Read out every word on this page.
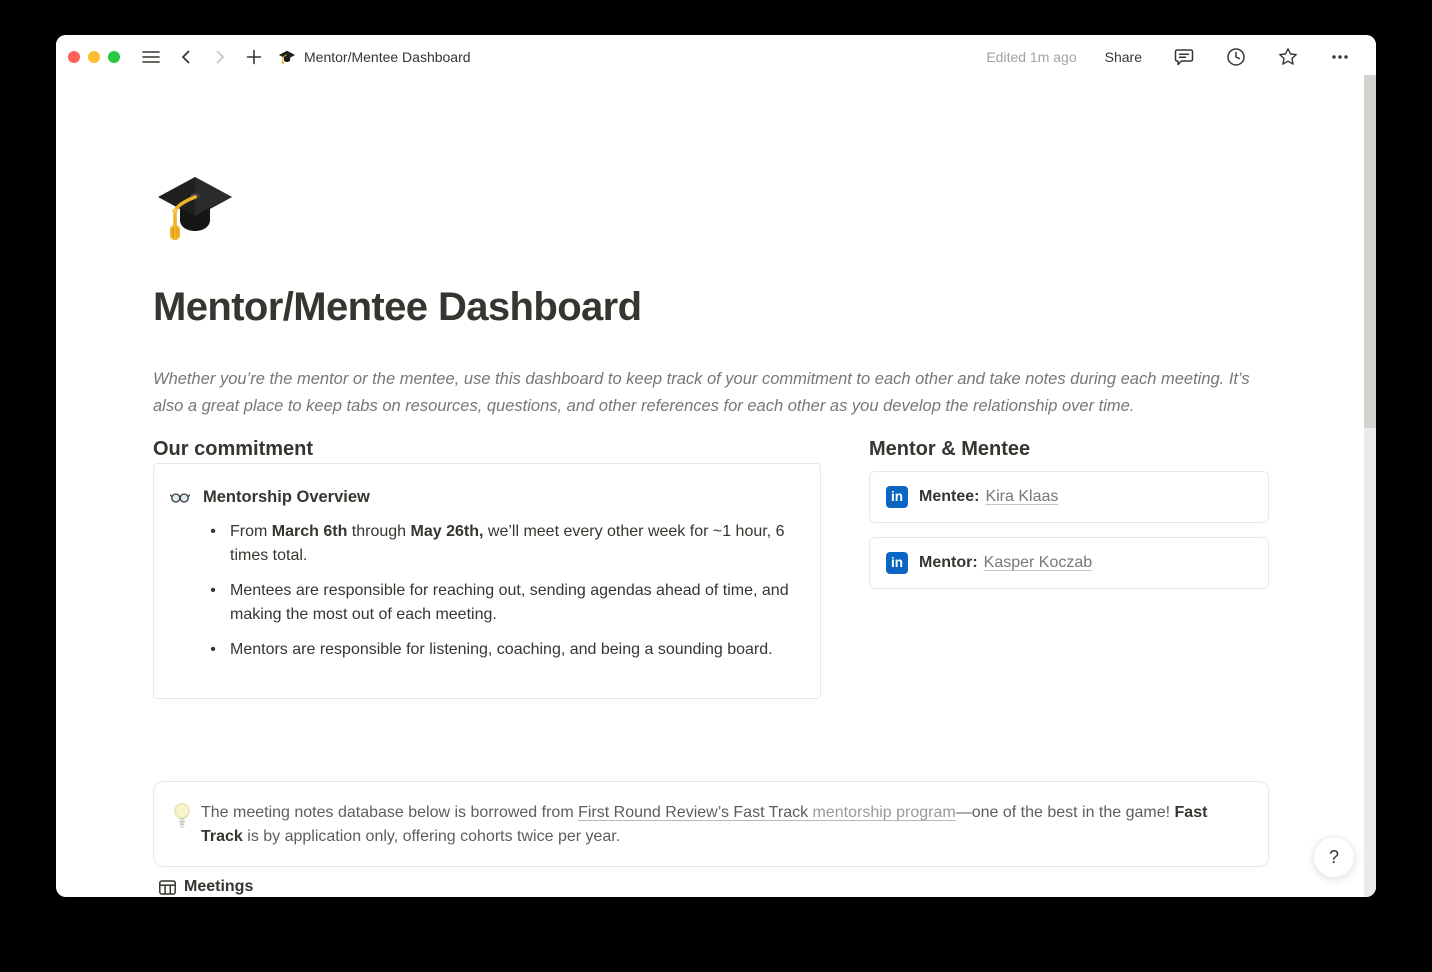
Mentor/Mentee Dashboard	Edited 1m ago Share
Mentor/Mentee Dashboard

Whether you’re the mentor or the mentee, use this dashboard to keep track of your commitment to each other and take notes during each meeting. It’s also a great place to keep tabs on resources, questions, and other references for each other as you develop the relationship over time.

Our commitment
Mentorship Overview
• From March 6th through May 26th, we’ll meet every other week for ~1 hour, 6 times total.
• Mentees are responsible for reaching out, sending agendas ahead of time, and making the most out of each meeting.
• Mentors are responsible for listening, coaching, and being a sounding board.
Mentor & Mentee
in	Mentee: Kira Klaas
in	Mentor: Kasper Koczab

The meeting notes database below is borrowed from First Round Review’s Fast Track mentorship program—one of the best in the game! Fast Track is by application only, offering cohorts twice per year.

Meetings
?
